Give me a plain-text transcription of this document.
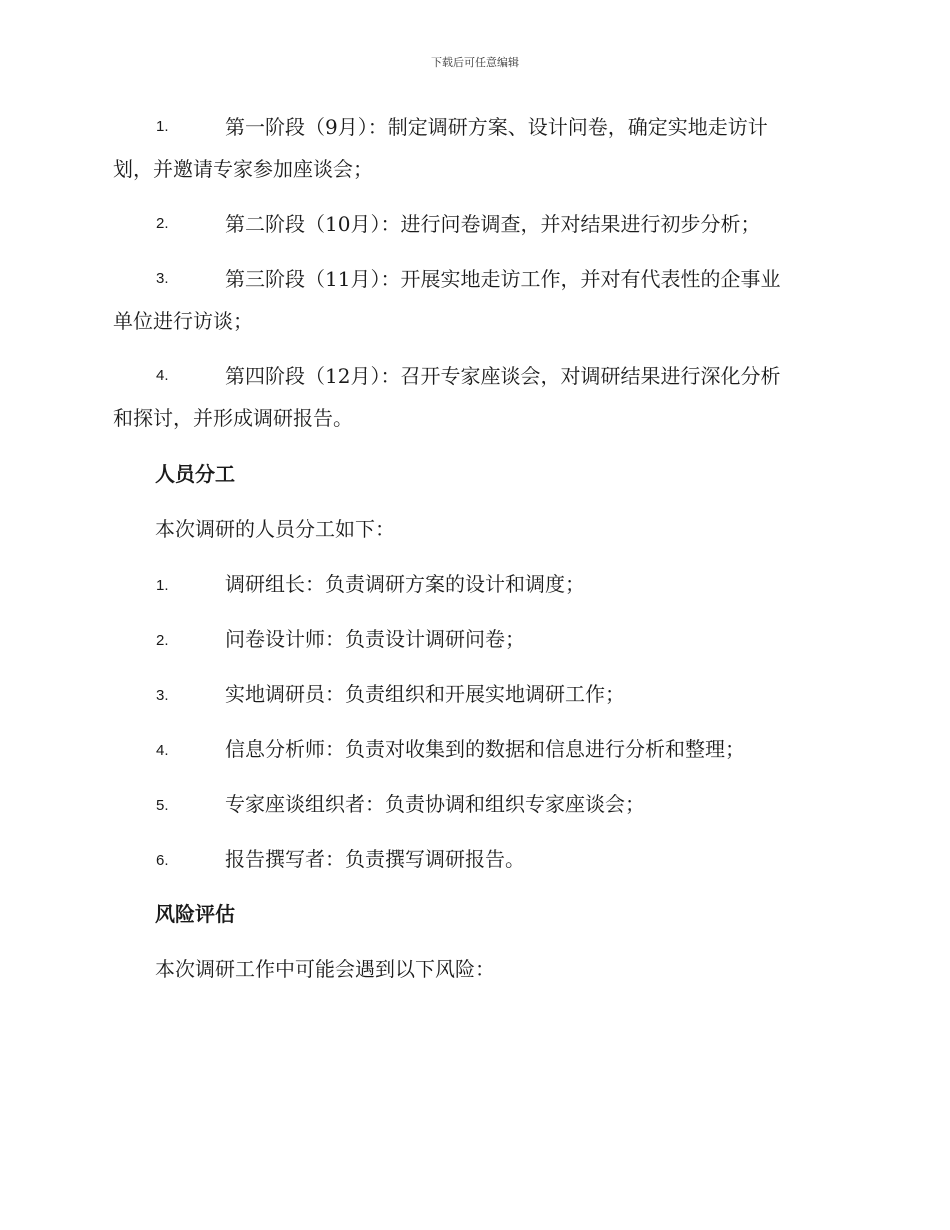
下载后可任意编辑
1.	第一阶段（9月）：制定调研方案、设计问卷，确定实地走访计
划，并邀请专家参加座谈会；
2.	第二阶段（10月）：进行问卷调查，并对结果进行初步分析；
3.	第三阶段（11月）：开展实地走访工作，并对有代表性的企事业
单位进行访谈；
4.	第四阶段（12月）：召开专家座谈会，对调研结果进行深化分析
和探讨，并形成调研报告。
人员分工
本次调研的人员分工如下：
1.	调研组长：负责调研方案的设计和调度；
2.	问卷设计师：负责设计调研问卷；
3.	实地调研员：负责组织和开展实地调研工作；
4.	信息分析师：负责对收集到的数据和信息进行分析和整理；
5.	专家座谈组织者：负责协调和组织专家座谈会；
6.	报告撰写者：负责撰写调研报告。
风险评估
本次调研工作中可能会遇到以下风险：
